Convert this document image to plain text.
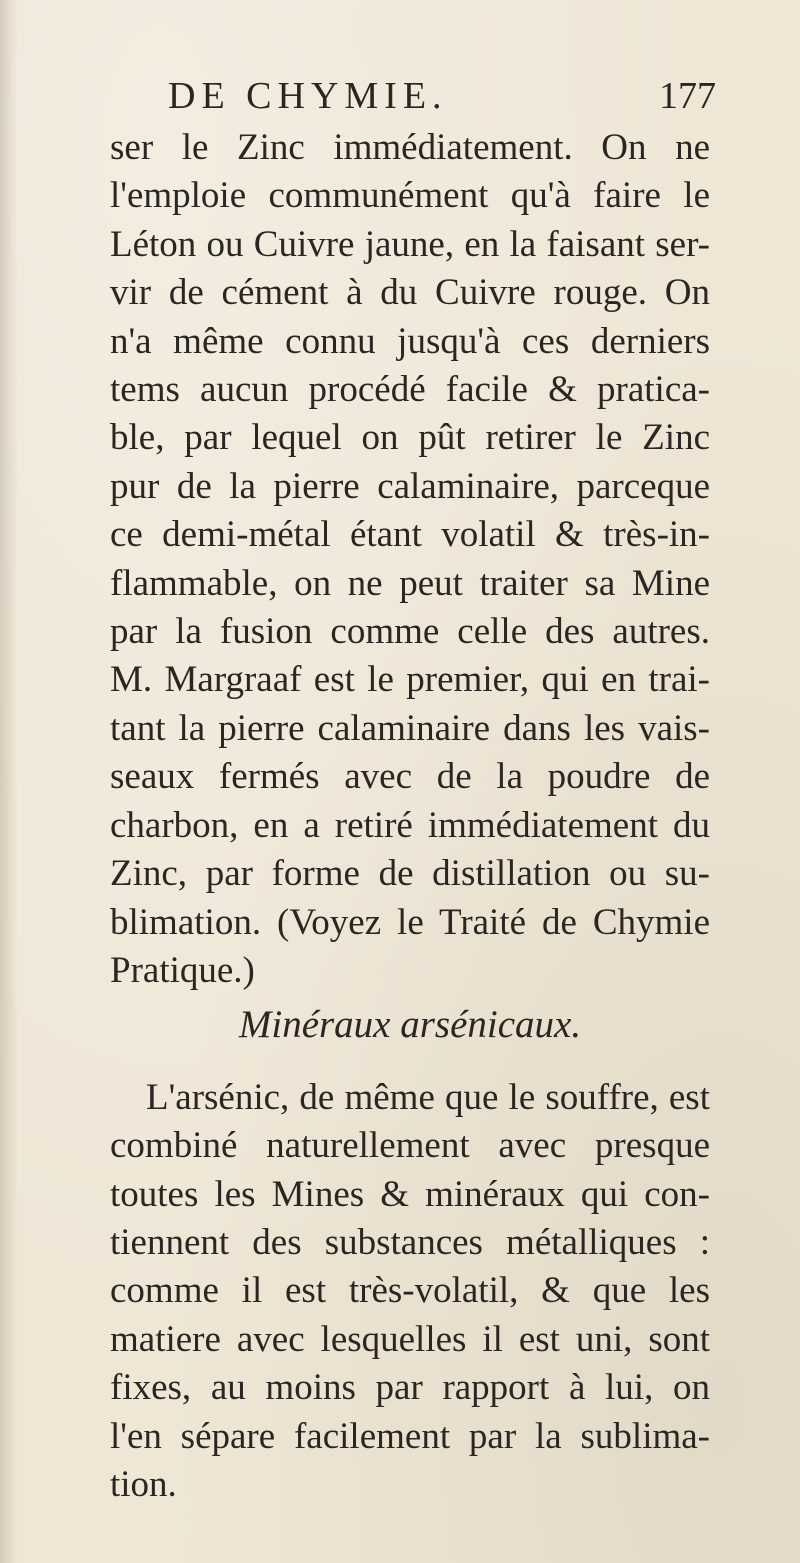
DE CHYMIE.	177
ser le Zinc immédiatement. On ne
l'emploie communément qu'à faire le
Léton ou Cuivre jaune, en la faisant ser-
vir de cément à du Cuivre rouge. On
n'a même connu jusqu'à ces derniers
tems aucun procédé facile & pratica-
ble, par lequel on pût retirer le Zinc
pur de la pierre calaminaire, parceque
ce demi-métal étant volatil & très-in-
flammable, on ne peut traiter sa Mine
par la fusion comme celle des autres.
M. Margraaf est le premier, qui en trai-
tant la pierre calaminaire dans les vais-
seaux fermés avec de la poudre de
charbon, en a retiré immédiatement du
Zinc, par forme de distillation ou su-
blimation. (Voyez le Traité de Chymie
Pratique.)
Minéraux arsénicaux.
L'arsénic, de même que le souffre, est
combiné naturellement avec presque
toutes les Mines & minéraux qui con-
tiennent des substances métalliques :
comme il est très-volatil, & que les
matiere avec lesquelles il est uni, sont
fixes, au moins par rapport à lui, on
l'en sépare facilement par la sublima-
tion.
